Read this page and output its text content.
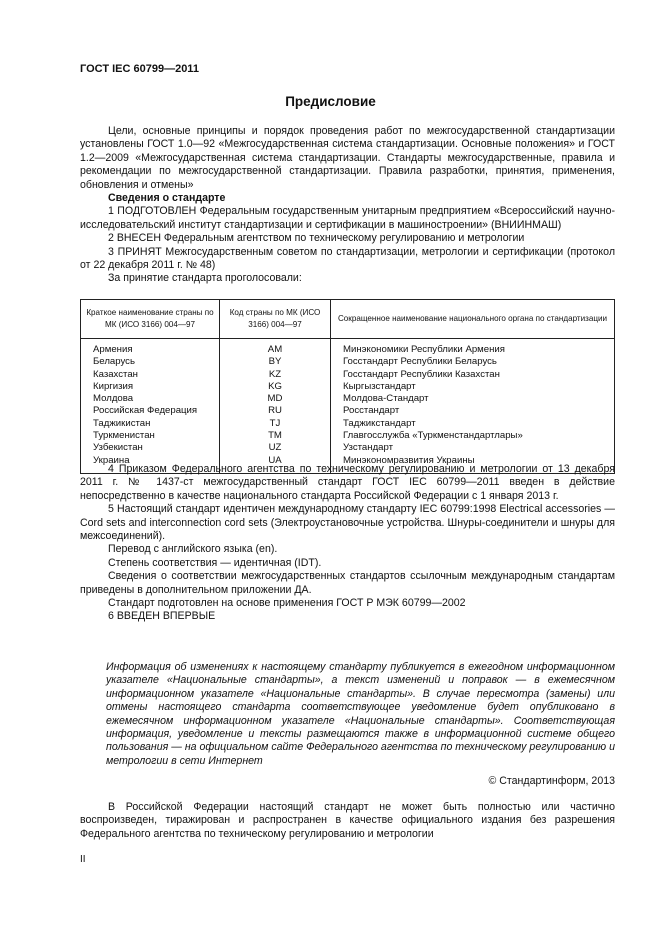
ГОСТ IEC 60799—2011
Предисловие

Цели, основные принципы и порядок проведения работ по межгосударственной стандартизации установлены ГОСТ 1.0—92 «Межгосударственная система стандартизации. Основные положения» и ГОСТ 1.2—2009 «Межгосударственная система стандартизации. Стандарты межгосударственные, правила и рекомендации по межгосударственной стандартизации. Правила разработки, принятия, применения, обновления и отмены»

Сведения о стандарте

1 ПОДГОТОВЛЕН Федеральным государственным унитарным предприятием «Всероссийский научно-исследовательский институт стандартизации и сертификации в машиностроении» (ВНИИНМАШ)

2 ВНЕСЕН Федеральным агентством по техническому регулированию и метрологии

3 ПРИНЯТ Межгосударственным советом по стандартизации, метрологии и сертификации (протокол от 22 декабря 2011 г. № 48)

За принятие стандарта проголосовали:

Краткое наименование страны по МК (ИСО 3166) 004—97	Код страны по МК (ИСО 3166) 004—97	Сокращенное наименование национального органа по стандартизации
Армения	AM	Минэкономики Республики Армения
Беларусь	BY	Госстандарт Республики Беларусь
Казахстан	KZ	Госстандарт Республики Казахстан
Киргизия	KG	Кыргызстандарт
Молдова	MD	Молдова-Стандарт
Российская Федерация	RU	Росстандарт
Таджикистан	TJ	Таджикстандарт
Туркменистан	TM	Главгосслужба «Туркменстандартлары»
Узбекистан	UZ	Узстандарт
Украина	UA	Минэкономразвития Украины

4 Приказом Федерального агентства по техническому регулированию и метрологии от 13 декабря 2011 г. № 1437-ст межгосударственный стандарт ГОСТ IEC 60799—2011 введен в действие непосредственно в качестве национального стандарта Российской Федерации с 1 января 2013 г.

5 Настоящий стандарт идентичен международному стандарту IEC 60799:1998 Electrical accessories — Cord sets and interconnection cord sets (Электроустановочные устройства. Шнуры-соединители и шнуры для межсоединений).

Перевод с английского языка (en).

Степень соответствия — идентичная (IDT).

Сведения о соответствии межгосударственных стандартов ссылочным международным стандартам приведены в дополнительном приложении ДА.

Стандарт подготовлен на основе применения ГОСТ Р МЭК 60799—2002

6 ВВЕДЕН ВПЕРВЫЕ

Информация об изменениях к настоящему стандарту публикуется в ежегодном информационном указателе «Национальные стандарты», а текст изменений и поправок — в ежемесячном информационном указателе «Национальные стандарты». В случае пересмотра (замены) или отмены настоящего стандарта соответствующее уведомление будет опубликовано в ежемесячном информационном указателе «Национальные стандарты». Соответствующая информация, уведомление и тексты размещаются также в информационной системе общего пользования — на официальном сайте Федерального агентства по техническому регулированию и метрологии в сети Интернет
© Стандартинформ, 2013

В Российской Федерации настоящий стандарт не может быть полностью или частично воспроизведен, тиражирован и распространен в качестве официального издания без разрешения Федерального агентства по техническому регулированию и метрологии

II
